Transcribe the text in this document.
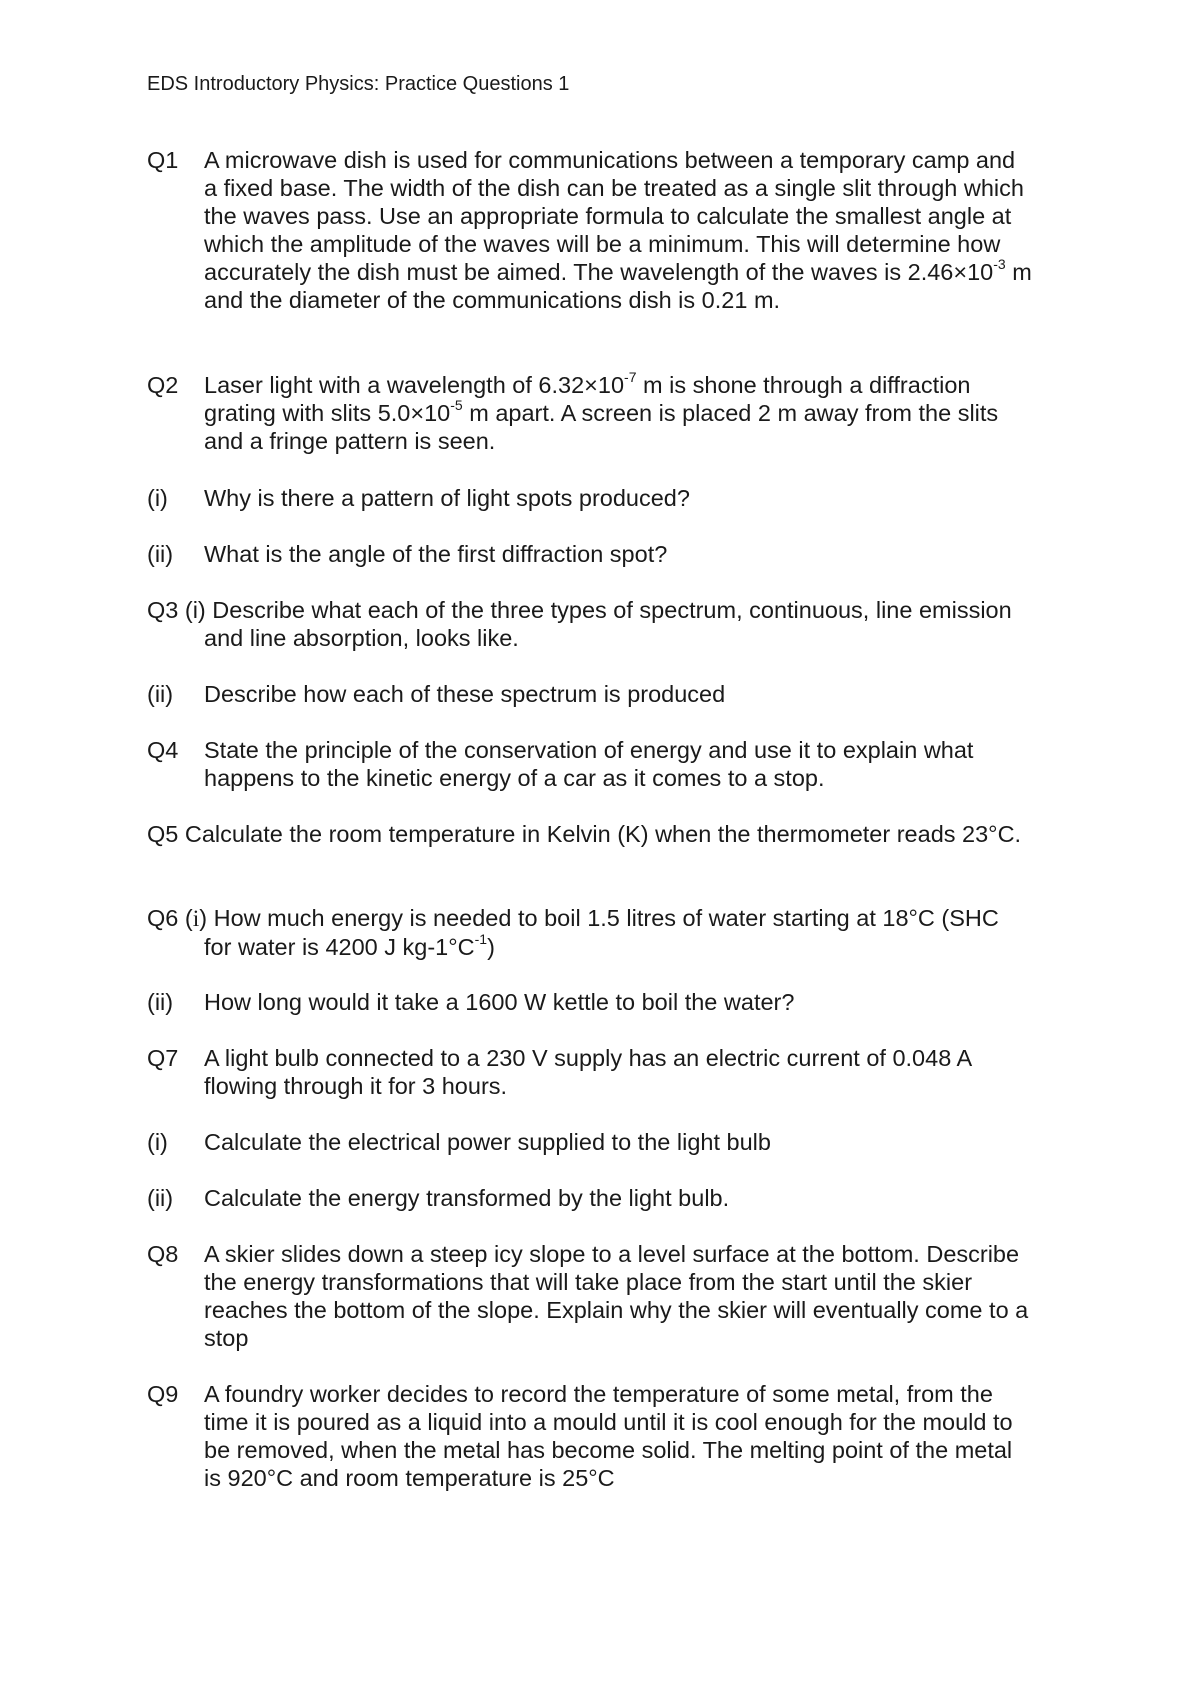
EDS Introductory Physics: Practice Questions 1
Q1 A microwave dish is used for communications between a temporary camp and
a fixed base. The width of the dish can be treated as a single slit through which
the waves pass. Use an appropriate formula to calculate the smallest angle at
which the amplitude of the waves will be a minimum. This will determine how
accurately the dish must be aimed. The wavelength of the waves is $2.46\times 10^{-3}$ m
and the diameter of the communications dish is 0.21 m.
Q2 Laser light with a wavelength of $6.32\times 10^{-7}$ m is shone through a diffraction
grating with slits $5.0\times 10^{-5}$ m apart. A screen is placed 2 m away from the slits
and a fringe pattern is seen.
(i) Why is there a pattern of light spots produced?
(ii) What is the angle of the first diffraction spot?
Q3 (i) Describe what each of the three types of spectrum, continuous, line emission
and line absorption, looks like.
(ii) Describe how each of these spectrum is produced
Q4 State the principle of the conservation of energy and use it to explain what
happens to the kinetic energy of a car as it comes to a stop.
Q5 Calculate the room temperature in Kelvin (K) when the thermometer reads 23°C.
Q6 (i) How much energy is needed to boil 1.5 litres of water starting at 18°C (SHC
for water is 4200 J $kg-1^\circ C^{-1}$)
(ii) How long would it take a 1600 W kettle to boil the water?
Q7 A light bulb connected to a 230 V supply has an electric current of 0.048 A
flowing through it for 3 hours.
(i) Calculate the electrical power supplied to the light bulb
(ii) Calculate the energy transformed by the light bulb.
Q8 A skier slides down a steep icy slope to a level surface at the bottom. Describe
the energy transformations that will take place from the start until the skier
reaches the bottom of the slope. Explain why the skier will eventually come to a
stop
Q9 A foundry worker decides to record the temperature of some metal, from the
time it is poured as a liquid into a mould until it is cool enough for the mould to
be removed, when the metal has become solid. The melting point of the metal
is 920°C and room temperature is 25°C
